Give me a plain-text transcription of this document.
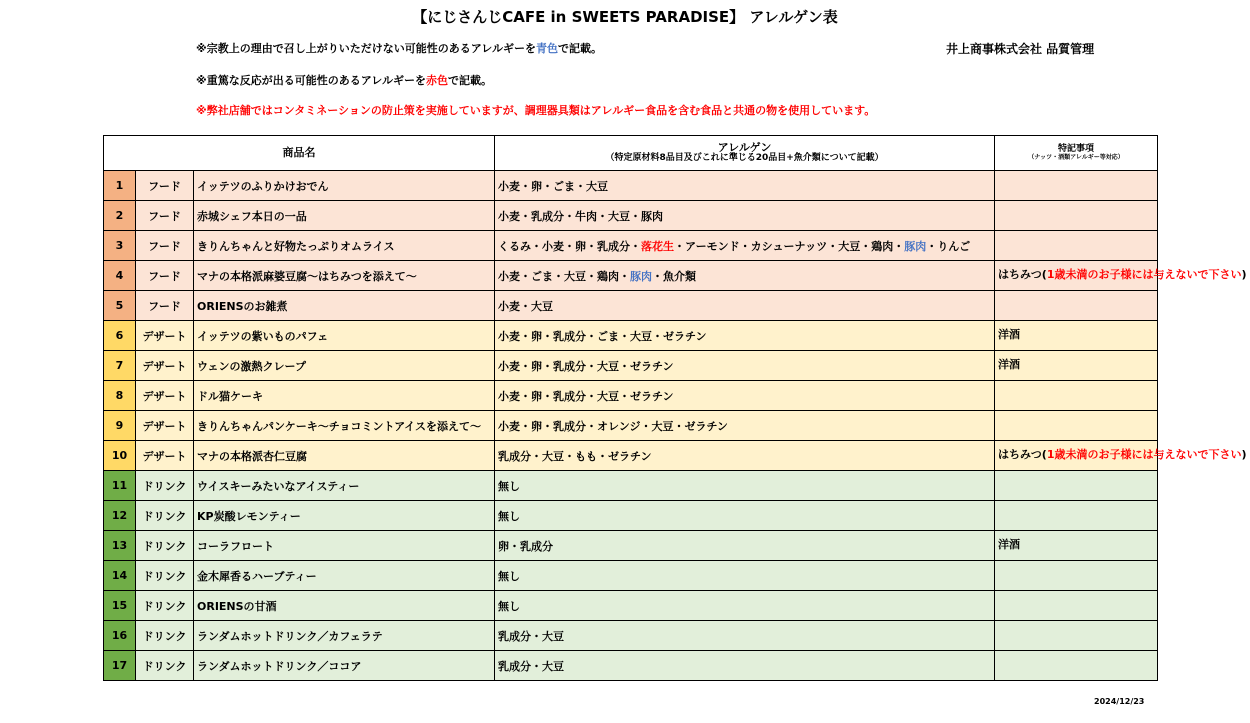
【にじさんじCAFE in SWEETS PARADISE】 アレルゲン表
※宗教上の理由で召し上がりいただけない可能性のあるアレルギーを青色で記載。
※重篤な反応が出る可能性のあるアレルギーを赤色で記載。
※弊社店舗ではコンタミネーションの防止策を実施していますが、調理器具類はアレルギー食品を含む食品と共通の物を使用しています。
井上商事株式会社 品質管理
商品名			アレルゲン
（特定原材料8品目及びこれに準じる20品目+魚介類について記載）	特記事項
（ナッツ・酒類アレルギー等対応）

1	フード	イッテツのふりかけおでん	小麦・卵・ごま・大豆	
2	フード	赤城シェフ本日の一品	小麦・乳成分・牛肉・大豆・豚肉	
3	フード	きりんちゃんと好物たっぷりオムライス	くるみ・小麦・卵・乳成分・落花生・アーモンド・カシューナッツ・大豆・鶏肉・豚肉・りんご	
4	フード	マナの本格派麻婆豆腐～はちみつを添えて～	小麦・ごま・大豆・鶏肉・豚肉・魚介類	はちみつ(1歳未満のお子様には与えないで下さい)
5	フード	ORIENSのお雑煮	小麦・大豆	
6	デザート	イッテツの紫いものパフェ	小麦・卵・乳成分・ごま・大豆・ゼラチン	洋酒
7	デザート	ウェンの激熱クレープ	小麦・卵・乳成分・大豆・ゼラチン	洋酒
8	デザート	ドル猫ケーキ	小麦・卵・乳成分・大豆・ゼラチン	
9	デザート	きりんちゃんパンケーキ～チョコミントアイスを添えて～	小麦・卵・乳成分・オレンジ・大豆・ゼラチン	
10	デザート	マナの本格派杏仁豆腐	乳成分・大豆・もも・ゼラチン	はちみつ(1歳未満のお子様には与えないで下さい)
11	ドリンク	ウイスキーみたいなアイスティー	無し	
12	ドリンク	KP炭酸レモンティー	無し	
13	ドリンク	コーラフロート	卵・乳成分	洋酒
14	ドリンク	金木犀香るハーブティー	無し	
15	ドリンク	ORIENSの甘酒	無し	
16	ドリンク	ランダムホットドリンク／カフェラテ	乳成分・大豆	
17	ドリンク	ランダムホットドリンク／ココア	乳成分・大豆	
2024/12/23
